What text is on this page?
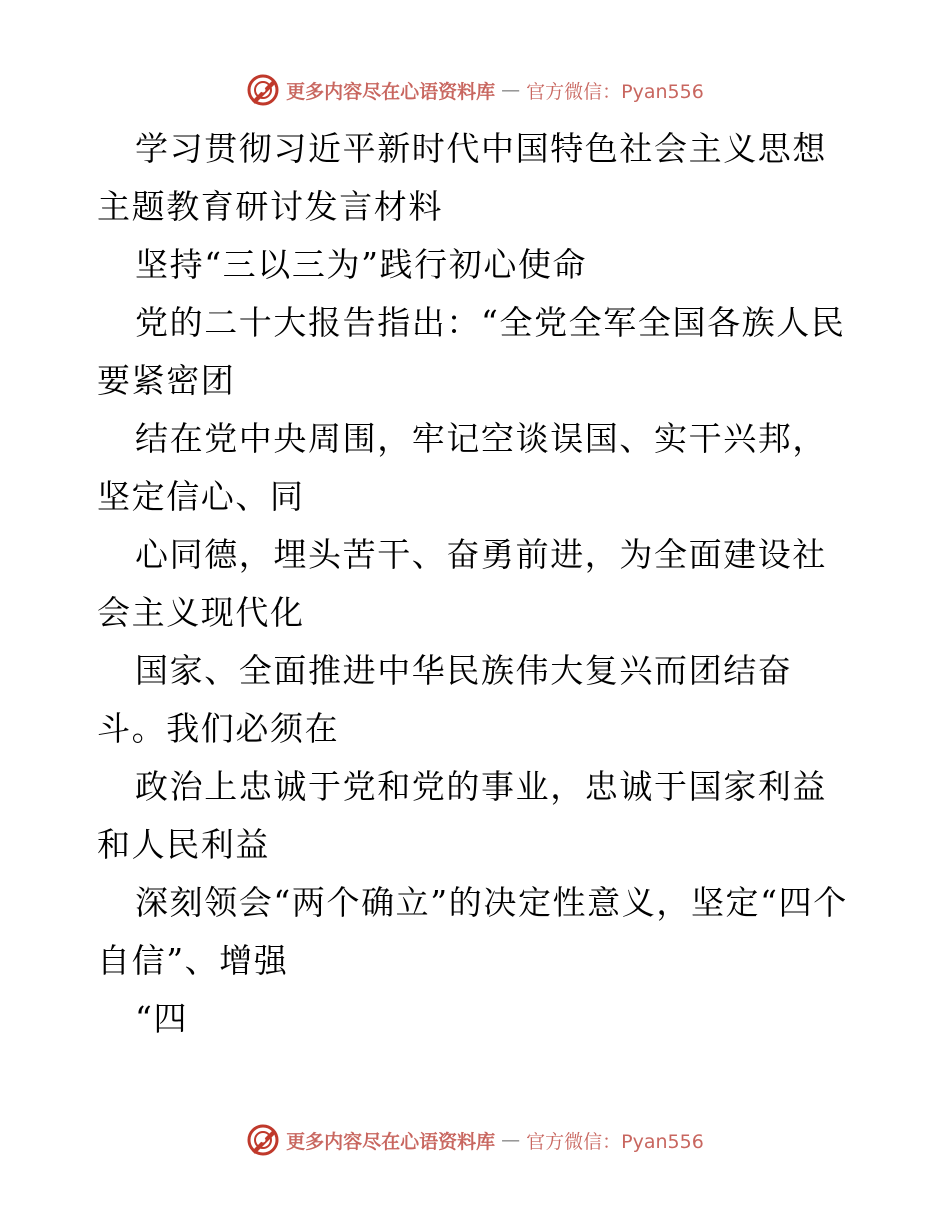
更多内容尽在心语资料库 — 官方微信：Pyan556

学习贯彻习近平新时代中国特色社会主义思想主题教育研讨发言材料

坚持“三以三为”践行初心使命

党的二十大报告指出：“全党全军全国各族人民要紧密团

结在党中央周围，牢记空谈误国、实干兴邦，坚定信心、同

心同德，埋头苦干、奋勇前进，为全面建设社会主义现代化

国家、全面推进中华民族伟大复兴而团结奋斗。我们必须在

政治上忠诚于党和党的事业，忠诚于国家利益和人民利益

深刻领会“两个确立”的决定性意义，坚定“四个自信”、增强

“四

更多内容尽在心语资料库 — 官方微信：Pyan556
